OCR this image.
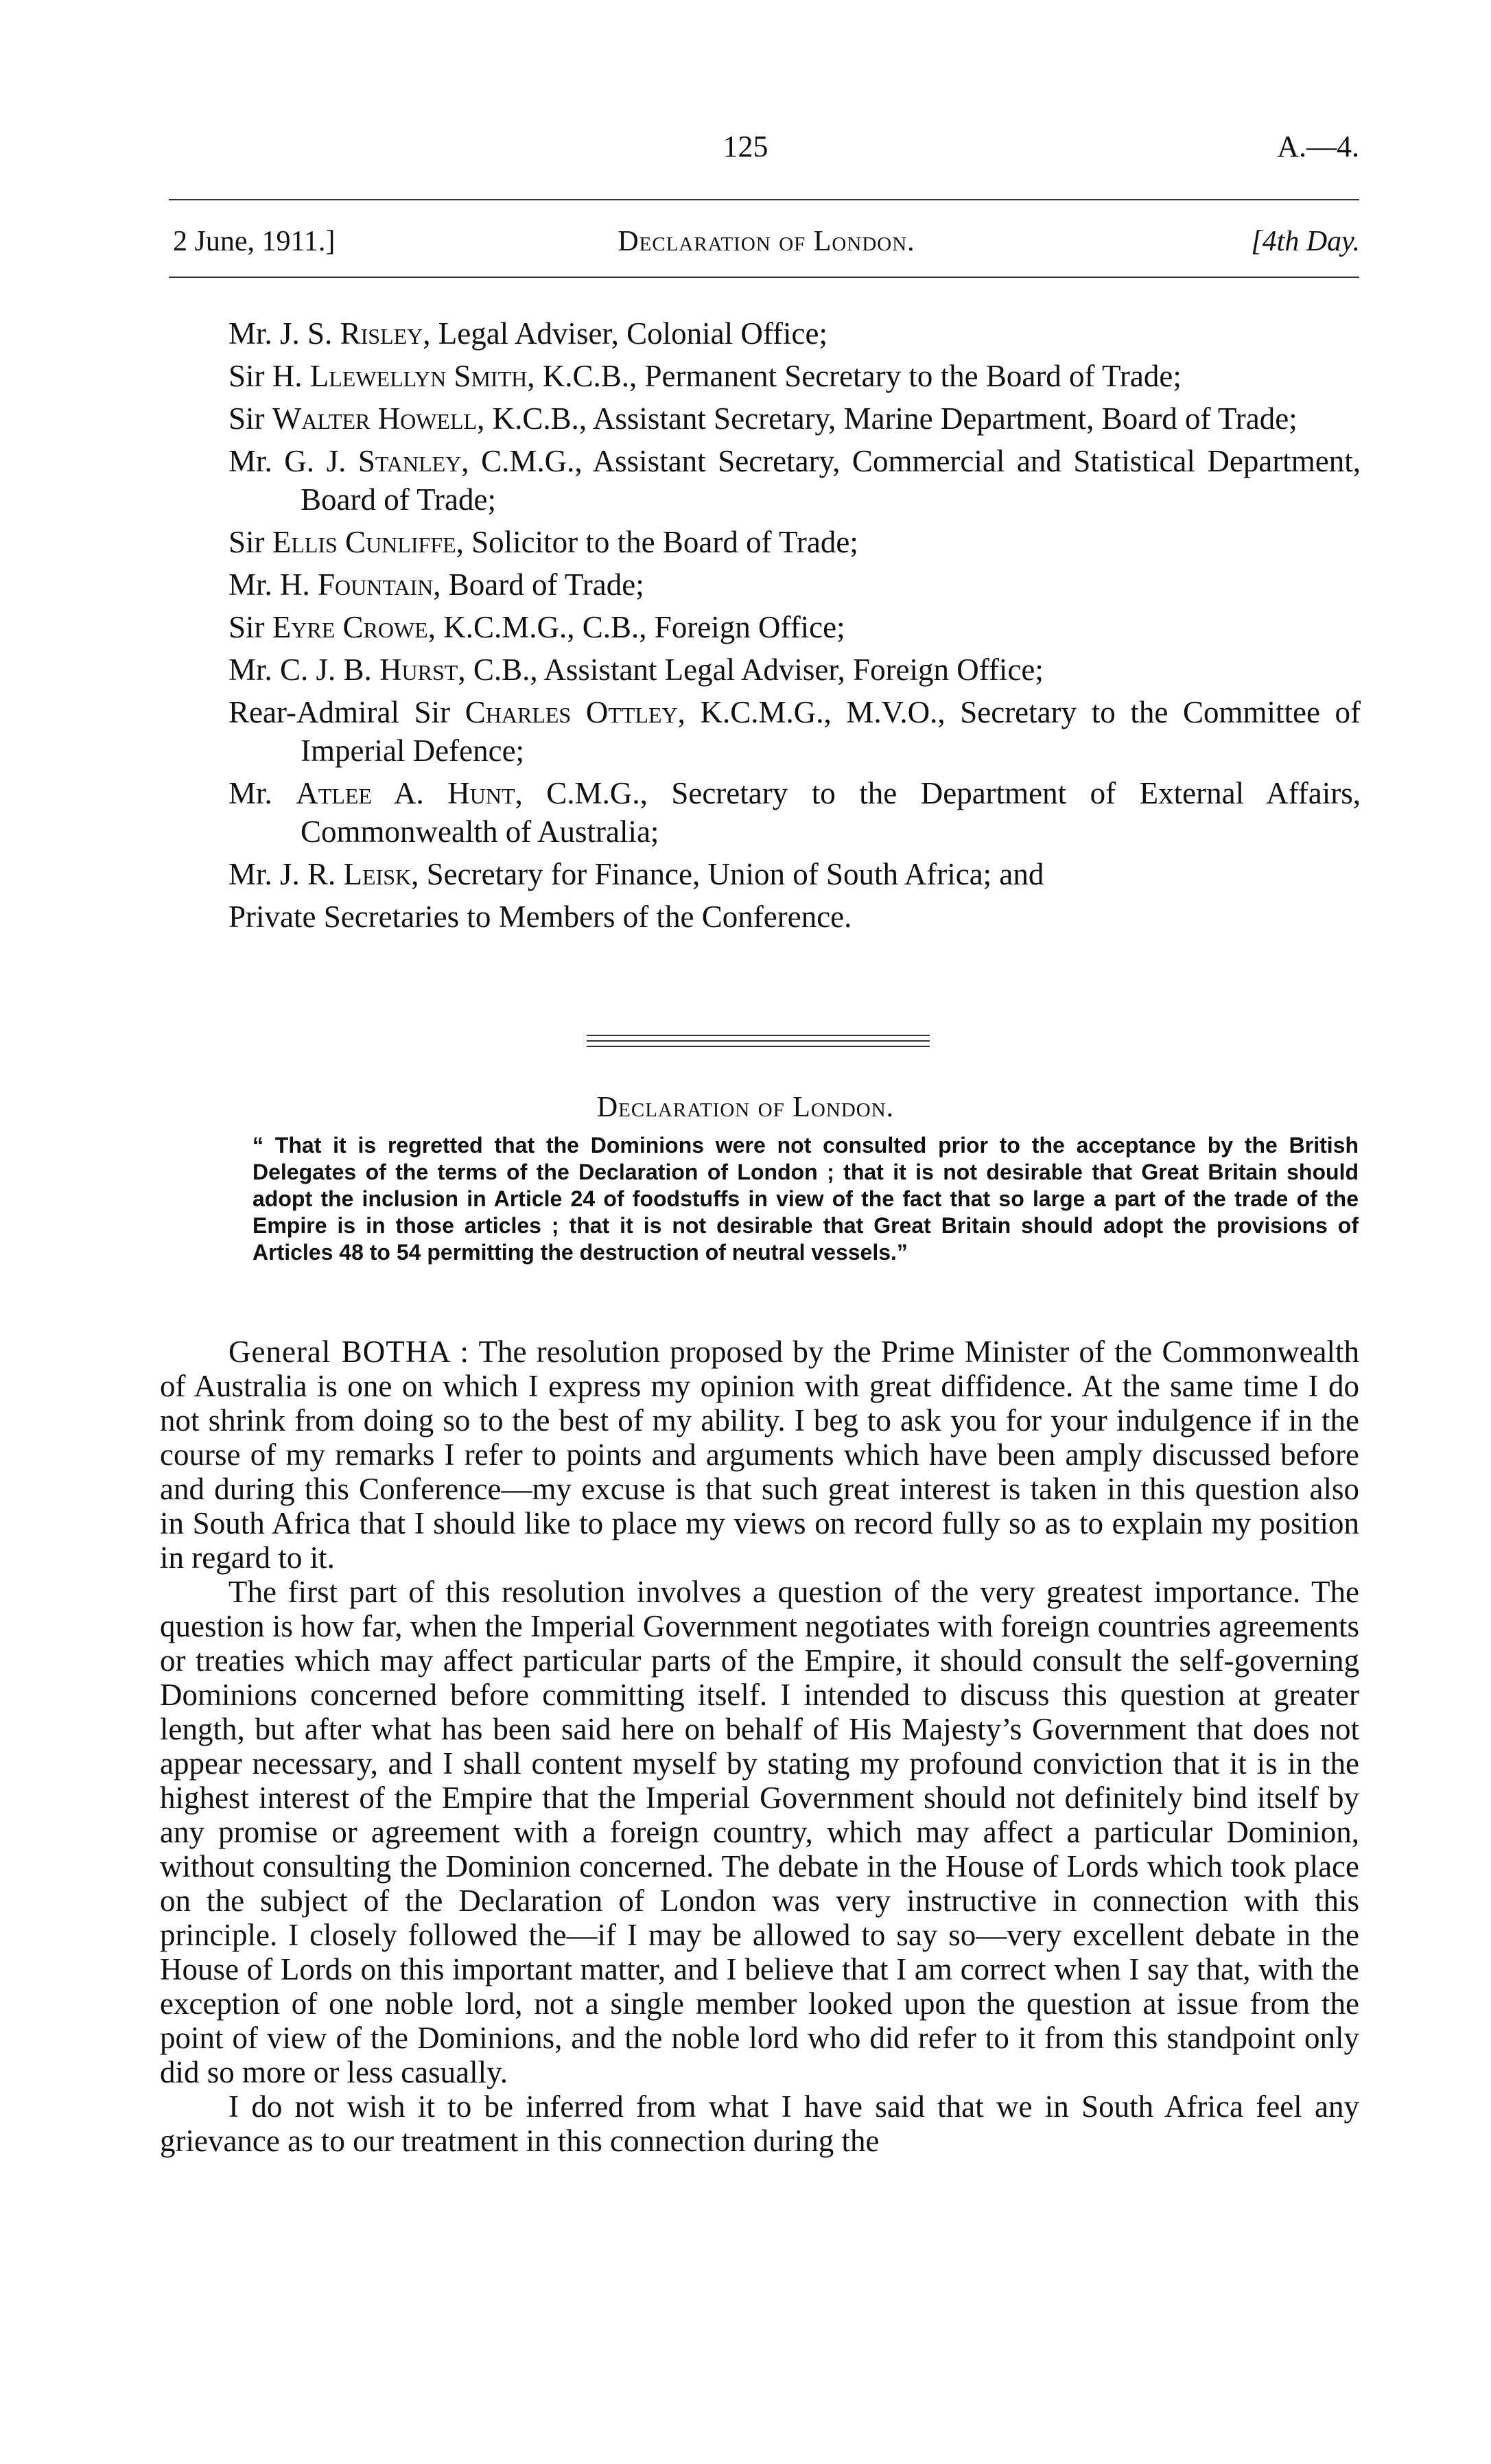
125	A.—4.
2 June, 1911.]	Declaration of London.	[4th Day.
Mr. J. S. Risley, Legal Adviser, Colonial Office;
Sir H. Llewellyn Smith, K.C.B., Permanent Secretary to the Board of Trade;
Sir Walter Howell, K.C.B., Assistant Secretary, Marine Department, Board of Trade;
Mr. G. J. Stanley, C.M.G., Assistant Secretary, Commercial and Statistical Department, Board of Trade;
Sir Ellis Cunliffe, Solicitor to the Board of Trade;
Mr. H. Fountain, Board of Trade;
Sir Eyre Crowe, K.C.M.G., C.B., Foreign Office;
Mr. C. J. B. Hurst, C.B., Assistant Legal Adviser, Foreign Office;
Rear-Admiral Sir Charles Ottley, K.C.M.G., M.V.O., Secretary to the Committee of Imperial Defence;
Mr. Atlee A. Hunt, C.M.G., Secretary to the Department of External Affairs, Commonwealth of Australia;
Mr. J. R. Leisk, Secretary for Finance, Union of South Africa; and
Private Secretaries to Members of the Conference.
Declaration of London.
“ That it is regretted that the Dominions were not consulted prior to the acceptance by the British Delegates of the terms of the Declaration of London ; that it is not desirable that Great Britain should adopt the inclusion in Article 24 of foodstuffs in view of the fact that so large a part of the trade of the Empire is in those articles ; that it is not desirable that Great Britain should adopt the provisions of Articles 48 to 54 permitting the destruction of neutral vessels.”

General BOTHA : The resolution proposed by the Prime Minister of the Commonwealth of Australia is one on which I express my opinion with great diffidence. At the same time I do not shrink from doing so to the best of my ability. I beg to ask you for your indulgence if in the course of my remarks I refer to points and arguments which have been amply discussed before and during this Conference—my excuse is that such great interest is taken in this question also in South Africa that I should like to place my views on record fully so as to explain my position in regard to it.

The first part of this resolution involves a question of the very greatest importance. The question is how far, when the Imperial Government negotiates with foreign countries agreements or treaties which may affect particular parts of the Empire, it should consult the self-governing Dominions concerned before committing itself. I intended to discuss this question at greater length, but after what has been said here on behalf of His Majesty’s Government that does not appear necessary, and I shall content myself by stating my profound conviction that it is in the highest interest of the Empire that the Imperial Government should not definitely bind itself by any promise or agreement with a foreign country, which may affect a particular Dominion, without consulting the Dominion concerned. The debate in the House of Lords which took place on the subject of the Declaration of London was very instructive in connection with this principle. I closely followed the—if I may be allowed to say so—very excellent debate in the House of Lords on this important matter, and I believe that I am correct when I say that, with the exception of one noble lord, not a single member looked upon the question at issue from the point of view of the Dominions, and the noble lord who did refer to it from this standpoint only did so more or less casually.

I do not wish it to be inferred from what I have said that we in South Africa feel any grievance as to our treatment in this connection during the
